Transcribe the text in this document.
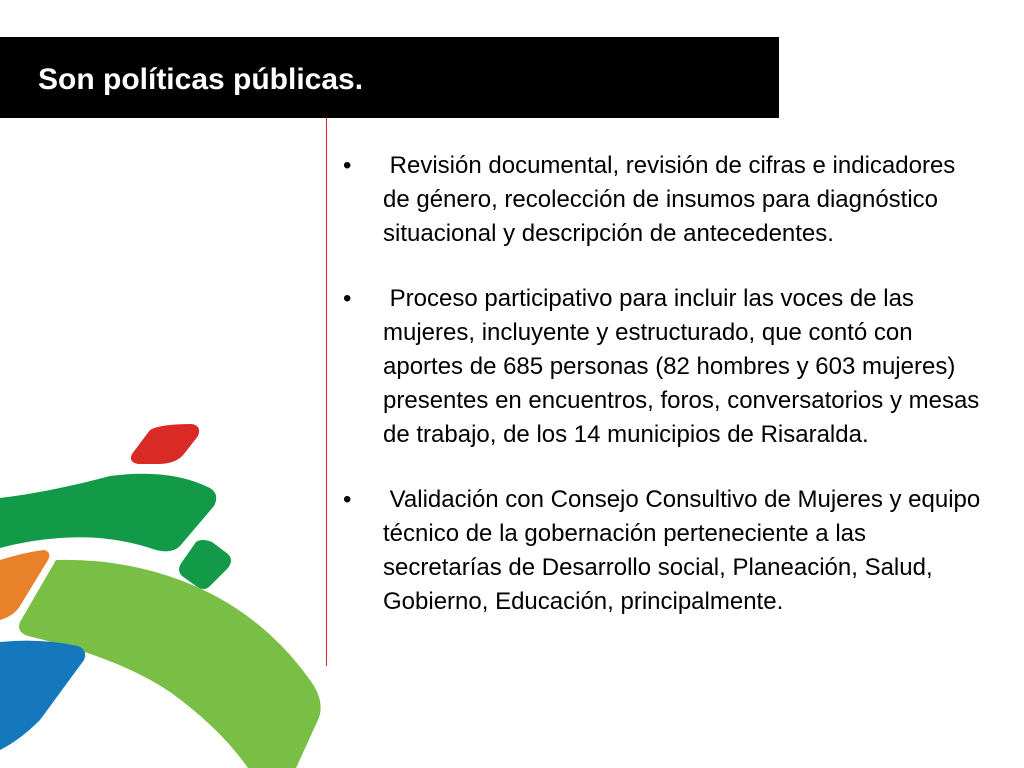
Son políticas públicas.
• Revisión documental, revisión de cifras e indicadores de género, recolección de insumos para diagnóstico situacional y descripción de antecedentes.
• Proceso participativo para incluir las voces de las mujeres, incluyente y estructurado, que contó con aportes de 685 personas (82 hombres y 603 mujeres) presentes en encuentros, foros, conversatorios y mesas de trabajo, de los 14 municipios de Risaralda.
• Validación con Consejo Consultivo de Mujeres y equipo técnico de la gobernación perteneciente a las secretarías de Desarrollo social, Planeación, Salud, Gobierno, Educación, principalmente.
